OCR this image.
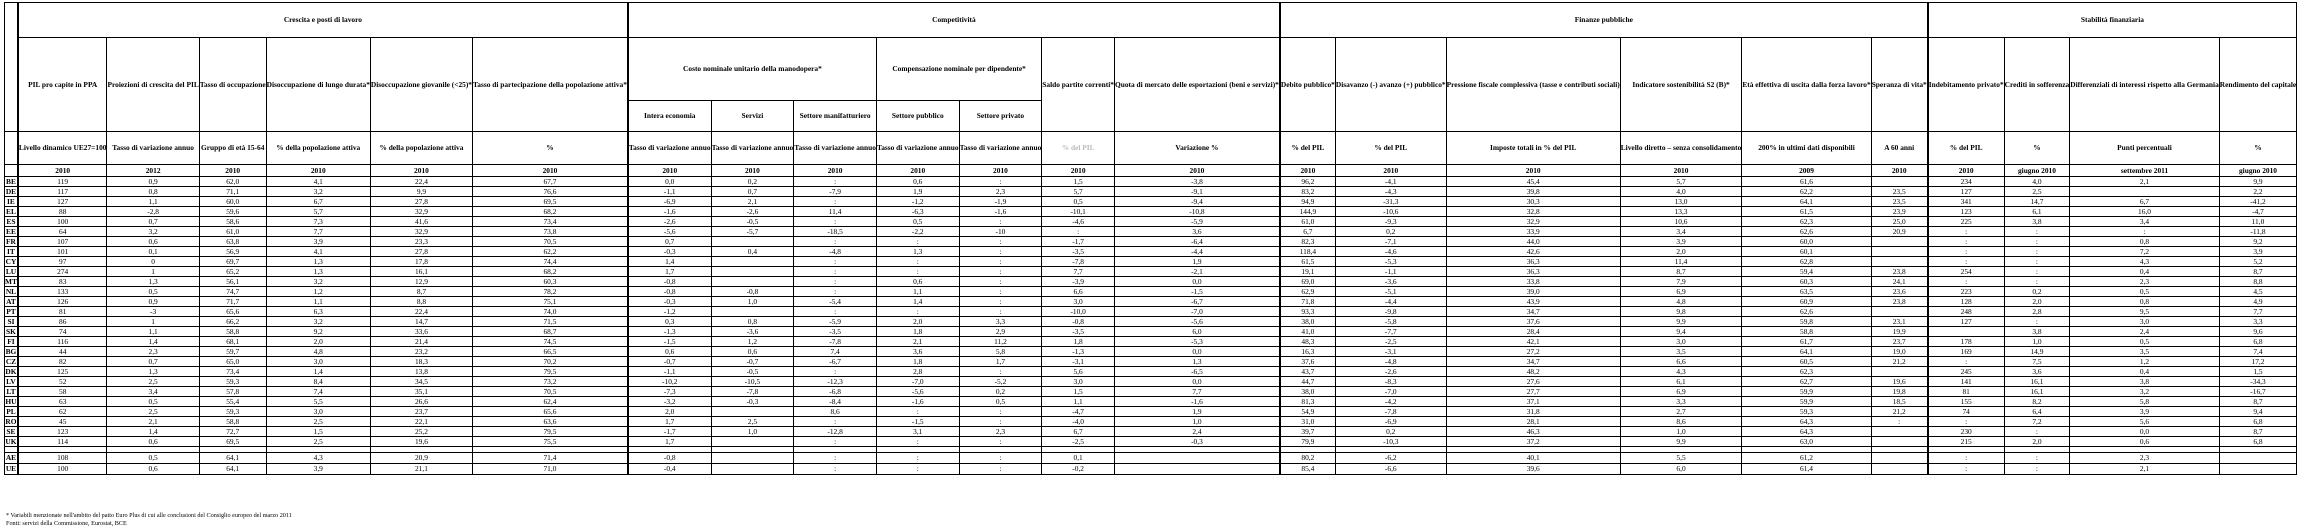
	Crescita e posti di lavoro						Competitività							Finanze pubbliche						Stabilità finanziaria			
	PIL pro capite in PPA	Proiezioni di crescita del PIL	Tasso di occupazione	Disoccupazione di lungo durata*	Disoccupazione giovanile (<25)*	Tasso di partecipazione della popolazione attiva*	Costo nominale unitario della manodopera*			Compensazione nominale per dipendente*		Saldo partite correnti*	Quota di mercato delle esportazioni (beni e servizi)*	Debito pubblico*	Disavanzo (-) avanzo (+) pubblico*	Pressione fiscale complessiva (tasse e contributi sociali)	Indicatore sostenibilità S2 (B)*	Età effettiva di uscita dalla forza lavoro*	Speranza di vita*	Indebitamento privato*	Crediti in sofferenza	Differenziali di interessi rispetto alla Germania	Rendimento del capitale
							Intera economia	Servizi	Settore manifatturiero	Settore pubblico	Settore privato												
	Livello dinamico UE27=100	Tasso di variazione annuo	Gruppo di età 15-64	% della popolazione attiva	% della popolazione attiva	%	Tasso di variazione annuo	Tasso di variazione annuo	Tasso di variazione annuo	Tasso di variazione annuo	Tasso di variazione annuo	% del PIL	Variazione %	% del PIL	% del PIL	Imposte totali in % del PIL	Livello diretto – senza consolidamento	200% in ultimi dati disponibili	A 60 anni	% del PIL	%	Punti percentuali	%
	2010	2012	2010	2010	2010	2010	2010	2010	2010	2010	2010	2010	2010	2010	2010	2010	2010	2009	2010	2010	giugno 2010	settembre 2011	giugno 2010
BE	119	0,9	62,0	4,1	22,4	67,7	0,0	0,2	:	0,6	:	1,5	-3,8	96,2	-4,1	45,4	5,7	61,6		234	4,0	2,1	9,9
DE	117	0,8	71,1	3,2	9,9	76,6	-1,1	0,7	-7,9	1,9	2,3	5,7	-9,1	83,2	-4,3	39,8	4,0	62,2	23,5	127	2,5		2,2
IE	127	1,1	60,0	6,7	27,8	69,5	-6,9	2,1	:	-1,2	-1,9	0,5	-9,4	94,9	-31,3	30,3	13,0	64,1	23,5	341	14,7	6,7	-41,2
EL	88	-2,8	59,6	5,7	32,9	68,2	-1,6	-2,6	11,4	-6,3	-1,6	-10,1	-10,8	144,9	-10,6	32,8	13,3	61,5	23,9	123	6,1	16,0	-4,7
ES	100	0,7	58,6	7,3	41,6	73,4	-2,6	-0,5	:	0,5	:	-4,6	-5,9	61,0	-9,3	32,9	10,6	62,3	25,0	225	3,8	3,4	11,0
EE	64	3,2	61,0	7,7	32,9	73,8	-5,6	-5,7	-18,5	-2,2	-10	:	3,6	6,7	0,2	33,9	3,4	62,6	20,9	:	:	:	-11,8
FR	107	0,6	63,8	3,9	23,3	70,5	0,7		:	:	:	-1,7	-6,4	82,3	-7,1	44,0	3,9	60,0		:	:	0,8	9,2
IT	101	0,1	56,9	4,1	27,8	62,2	-0,3	0,4	-4,8	1,3	:	-3,5	-4,4	118,4	-4,6	42,6	2,0	60,1		:	:	7,2	3,9
CY	97	0	69,7	1,3	17,8	74,4	1,4		:	:	:	-7,8	1,9	61,5	-5,3	36,3	11,4	62,8		:	:	4,3	5,2
LU	274	1	65,2	1,3	16,1	68,2	1,7		:	:	:	7,7	-2,1	19,1	-1,1	36,3	8,7	59,4	23,8	254	:	0,4	8,7
MT	83	1,3	56,1	3,2	12,9	60,3	-0,8		:	0,6	:	-3,9	0,0	69,0	-3,6	33,8	7,9	60,3	24,1	:	:	2,3	8,8
NL	133	0,5	74,7	1,2	8,7	78,2	-0,8	-0,8	:	1,1	:	6,6	-1,5	62,9	-5,1	39,0	6,9	63,5	23,6	223	0,2	0,5	4,5
AT	126	0,9	71,7	1,1	8,8	75,1	-0,3	1,0	-5,4	1,4	:	3,0	-6,7	71,8	-4,4	43,9	4,8	60,9	23,8	128	2,0	0,8	4,9
PT	81	-3	65,6	6,3	22,4	74,0	-1,2		:	:	:	-10,0	-7,0	93,3	-9,8	34,7	9,8	62,6		248	2,8	9,5	7,7
SI	86	1	66,2	3,2	14,7	71,5	0,3	0,8	-5,9	2,0	3,3	-0,8	-5,6	38,0	-5,8	37,6	9,9	59,8	23,1	127	:	3,0	3,3
SK	74	1,1	58,8	9,2	33,6	68,7	-1,3	-3,6	-3,5	1,8	2,9	-3,5	6,0	41,0	-7,7	28,4	9,4	58,8	19,9		3,8	2,4	9,6
FI	116	1,4	68,1	2,0	21,4	74,5	-1,5	1,2	-7,8	2,1	11,2	1,8	-5,3	48,3	-2,5	42,1	3,0	61,7	23,7	178	1,0	0,5	6,8
BG	44	2,3	59,7	4,8	23,2	66,5	0,6	0,6	7,4	3,6	5,8	-1,3	0,0	16,3	-3,1	27,2	3,5	64,1	19,0	169	14,9	3,5	7,4
CZ	82	0,7	65,0	3,0	18,3	70,2	-0,7	-0,7	-6,7	1,8	1,7	-3,1	1,3	37,6	-4,8	34,7	6,6	60,5	21,2	:	7,5	1,2	17,2
DK	125	1,3	73,4	1,4	13,8	79,5	-1,1	-0,5	:	2,8	:	5,6	-6,5	43,7	-2,6	48,2	4,3	62,3		245	3,6	0,4	1,5
LV	52	2,5	59,3	8,4	34,5	73,2	-10,2	-10,5	-12,3	-7,0	-5,2	3,0	0,0	44,7	-8,3	27,6	6,1	62,7	19,6	141	16,1	3,8	-34,3
LT	58	3,4	57,8	7,4	35,1	70,5	-7,3	-7,8	-6,8	-5,6	0,2	1,5	7,7	38,0	-7,0	27,7	6,9	59,9	19,8	81	16,1	3,2	-16,7
HU	63	0,5	55,4	5,5	26,6	62,4	-3,2	-0,3	-8,4	-1,6	0,5	1,1	-1,6	81,3	-4,2	37,1	3,3	59,9	18,5	155	8,2	5,8	8,7
PL	62	2,5	59,3	3,0	23,7	65,6	2,0		8,6	:	:	-4,7	1,9	54,9	-7,8	31,8	2,7	59,3	21,2	74	6,4	3,9	9,4
RO	45	2,1	58,8	2,5	22,1	63,6	1,7	2,5	:	-1,5	:	-4,0	1,0	31,0	-6,9	28,1	8,6	64,3	:	:	7,2	5,6	6,8
SE	123	1,4	72,7	1,5	25,2	79,5	-1,7	1,0	-12,8	3,1	2,3	6,7	2,4	39,7	0,2	46,3	1,0	64,3		230	:	0,0	8,7
UK	114	0,6	69,5	2,5	19,6	75,5	1,7		:	:	:	-2,5	-0,3	79,9	-10,3	37,2	9,9	63,0		215	2,0	0,6	6,8

AE	108	0,5	64,1	4,3	20,9	71,4	-0,8		:	:	:	0,1		80,2	-6,2	40,1	5,5	61,2		:	:	2,3	
UE	100	0,6	64,1	3,9	21,1	71,0	-0,4		:	:	:	-0,2		85,4	-6,6	39,6	6,0	61,4		:	:	2,1	
* Variabili menzionate nell'ambito del patto Euro Plus di cui alle conclusioni del Consiglio europeo del marzo 2011
Fonti: servizi della Commissione, Eurostat, BCE
